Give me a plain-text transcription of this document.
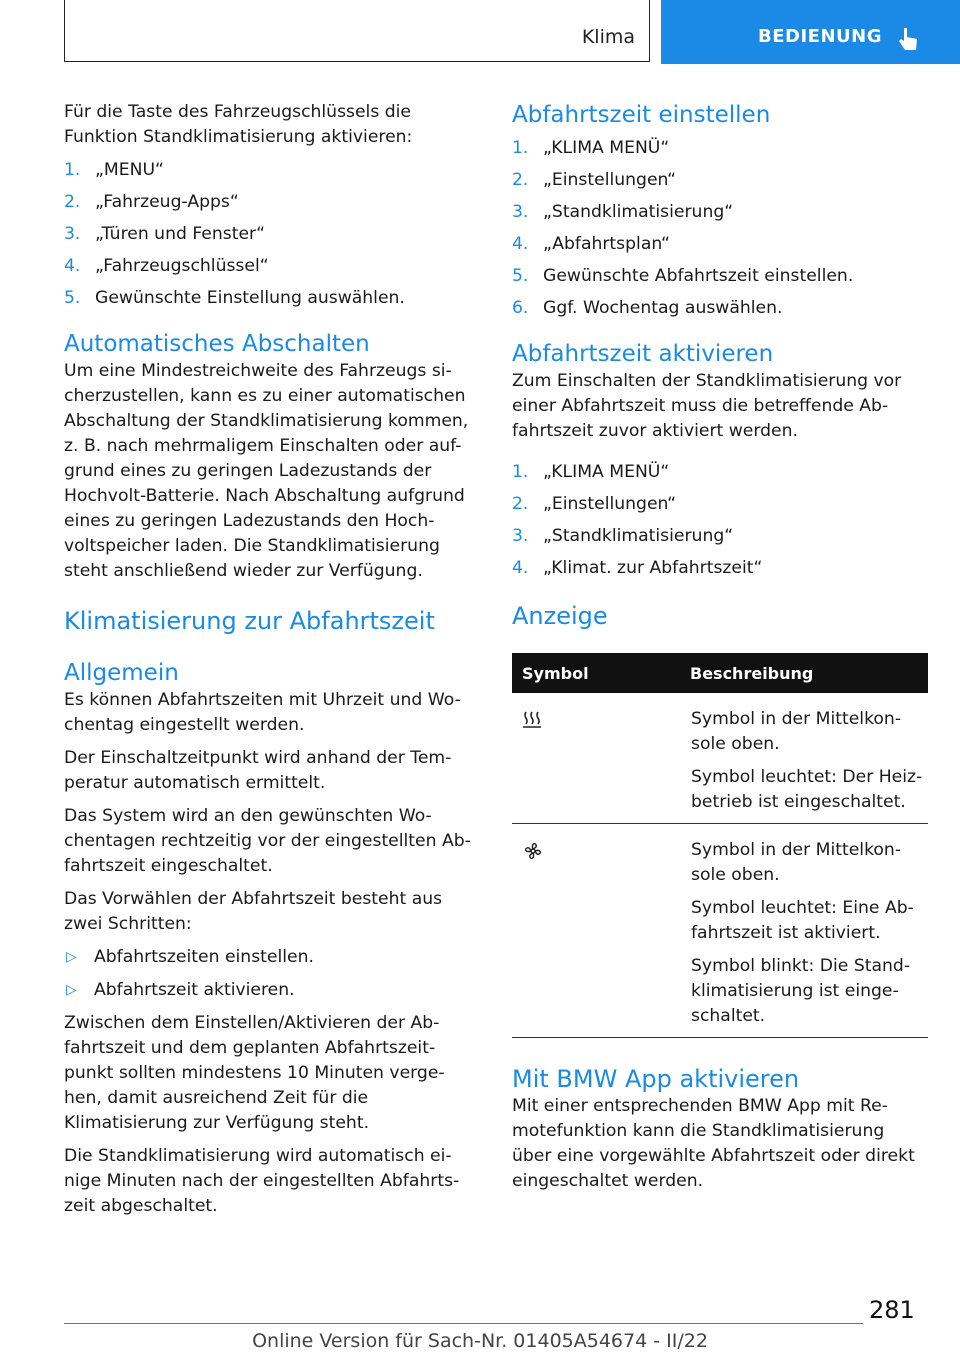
Klima	BEDIENUNG

Für die Taste des Fahrzeugschlüssels die Funktion Standklimatisierung aktivieren:

1. „MENU“
2. „Fahrzeug-Apps“
3. „Türen und Fenster“
4. „Fahrzeugschlüssel“
5. Gewünschte Einstellung auswählen.
Automatisches Abschalten

Um eine Mindestreichweite des Fahrzeugs si-cherzustellen, kann es zu einer automatischen Abschaltung der Standklimatisierung kommen, z. B. nach mehrmaligem Einschalten oder auf-grund eines zu geringen Ladezustands der Hochvolt-Batterie. Nach Abschaltung aufgrund eines zu geringen Ladezustands den Hoch-voltspeicher laden. Die Standklimatisierung steht anschließend wieder zur Verfügung.

Klimatisierung zur Abfahrtszeit
Allgemein

Es können Abfahrtszeiten mit Uhrzeit und Wo-chentag eingestellt werden.

Der Einschaltzeitpunkt wird anhand der Tem-peratur automatisch ermittelt.

Das System wird an den gewünschten Wo-chentagen rechtzeitig vor der eingestellten Ab-fahrtszeit eingeschaltet.

Das Vorwählen der Abfahrtszeit besteht aus zwei Schritten:

▷ Abfahrtszeiten einstellen.
▷ Abfahrtszeit aktivieren.

Zwischen dem Einstellen/Aktivieren der Ab-fahrtszeit und dem geplanten Abfahrtszeit-punkt sollten mindestens 10 Minuten verge-hen, damit ausreichend Zeit für die Klimatisierung zur Verfügung steht.

Die Standklimatisierung wird automatisch ei-nige Minuten nach der eingestellten Abfahrts-zeit abgeschaltet.

Abfahrtszeit einstellen
1. „KLIMA MENÜ“
2. „Einstellungen“
3. „Standklimatisierung“
4. „Abfahrtsplan“
5. Gewünschte Abfahrtszeit einstellen.
6. Ggf. Wochentag auswählen.
Abfahrtszeit aktivieren

Zum Einschalten der Standklimatisierung vor einer Abfahrtszeit muss die betreffende Ab-fahrtszeit zuvor aktiviert werden.

1. „KLIMA MENÜ“
2. „Einstellungen“
3. „Standklimatisierung“
4. „Klimat. zur Abfahrtszeit“
Anzeige
Symbol	Beschreibung

Symbol in der Mittelkon-sole oben.
Symbol leuchtet: Der Heiz-betrieb ist eingeschaltet.

Symbol in der Mittelkon-sole oben.
Symbol leuchtet: Eine Ab-fahrtszeit ist aktiviert.
Symbol blinkt: Die Stand-klimatisierung ist einge-schaltet.
Mit BMW App aktivieren

Mit einer entsprechenden BMW App mit Re-motefunktion kann die Standklimatisierung über eine vorgewählte Abfahrtszeit oder direkt eingeschaltet werden.

281
Online Version für Sach-Nr. 01405A54674 - II/22
